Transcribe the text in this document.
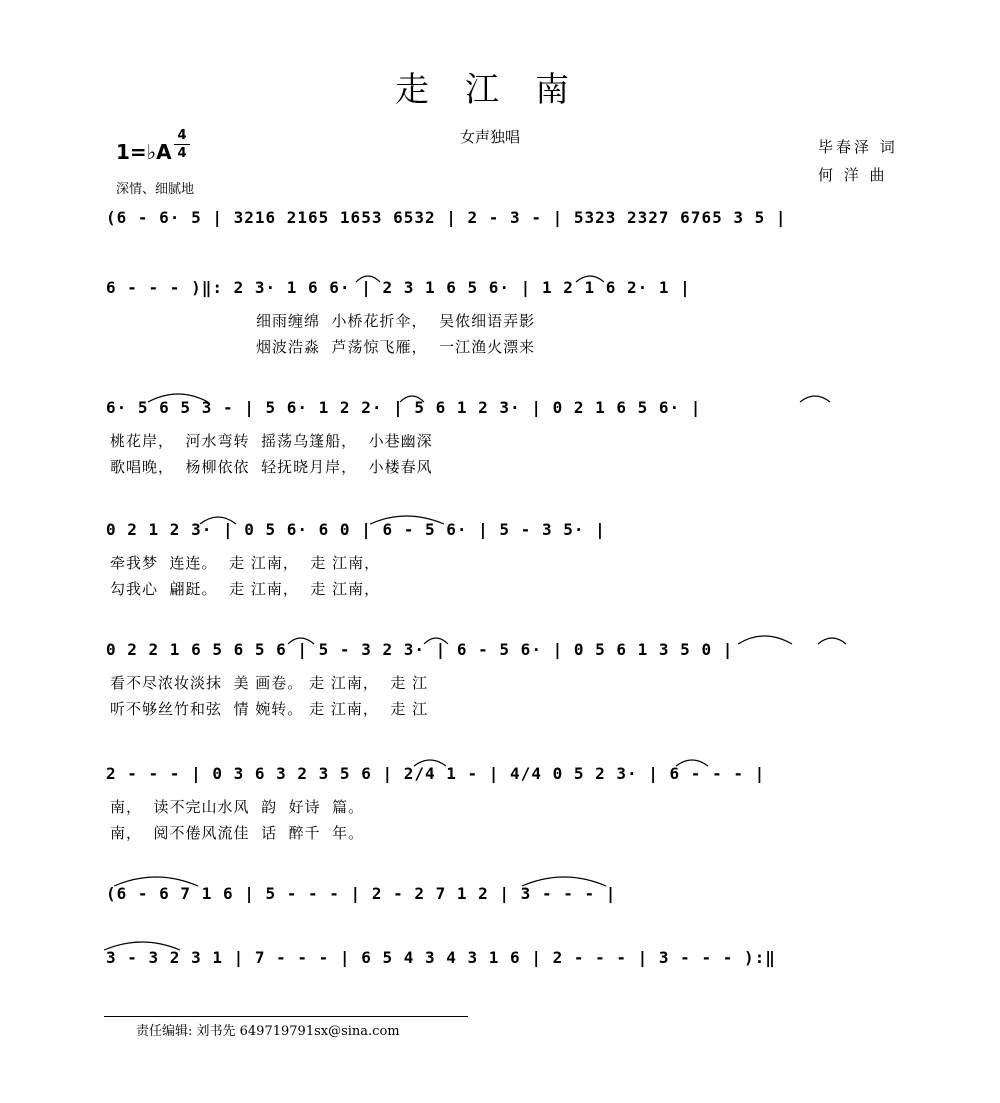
走江南
女声独唱
1=♭A
4
4
深情、细腻地
毕春泽 词
何 洋 曲
(6 - 6· 5 | 3216 2165 1653 6532 | 2 - 3 - | 5323 2327 6765 3 5 |
6 - - - )‖: 2 3· 1 6 6· | 2 3 1 6 5 6· | 1 2 1 6 2· 1 |
细雨缠绵  小桥花折伞，  吴侬细语弄影
烟波浩淼  芦荡惊飞雁，  一江渔火漂来
6· 5 6 5 3 - | 5 6· 1 2 2· | 5 6 1 2 3· | 0 2 1 6 5 6· |
桃花岸，  河水弯转  摇荡乌篷船，  小巷幽深
歌唱晚，  杨柳依依  轻抚晓月岸，  小楼春风
0 2 1 2 3· | 0 5 6· 6 0 | 6 - 5 6· | 5 - 3 5· |
牵我梦  连连。  走 江南，  走 江南，
勾我心  翩跹。  走 江南，  走 江南，
0 2 2 1 6 5 6 5 6 | 5 - 3 2 3· | 6 - 5 6· | 0 5 6 1 3 5 0 |
看不尽浓妆淡抹  美 画卷。 走 江南，  走 江
听不够丝竹和弦  情 婉转。 走 江南，  走 江
2 - - - | 0 3 6 3 2 3 5 6 | 2/4 1 - | 4/4 0 5 2 3· | 6 - - - |
南，  读不完山水风  韵  好诗  篇。
南，  阅不倦风流佳  话  醉千  年。
(6 - 6 7 1 6 | 5 - - - | 2 - 2 7 1 2 | 3 - - - |
3 - 3 2 3 1 | 7 - - - | 6 5 4 3 4 3 1 6 | 2 - - - | 3 - - - ):‖
责任编辑: 刘书先 649719791sx@sina.com
